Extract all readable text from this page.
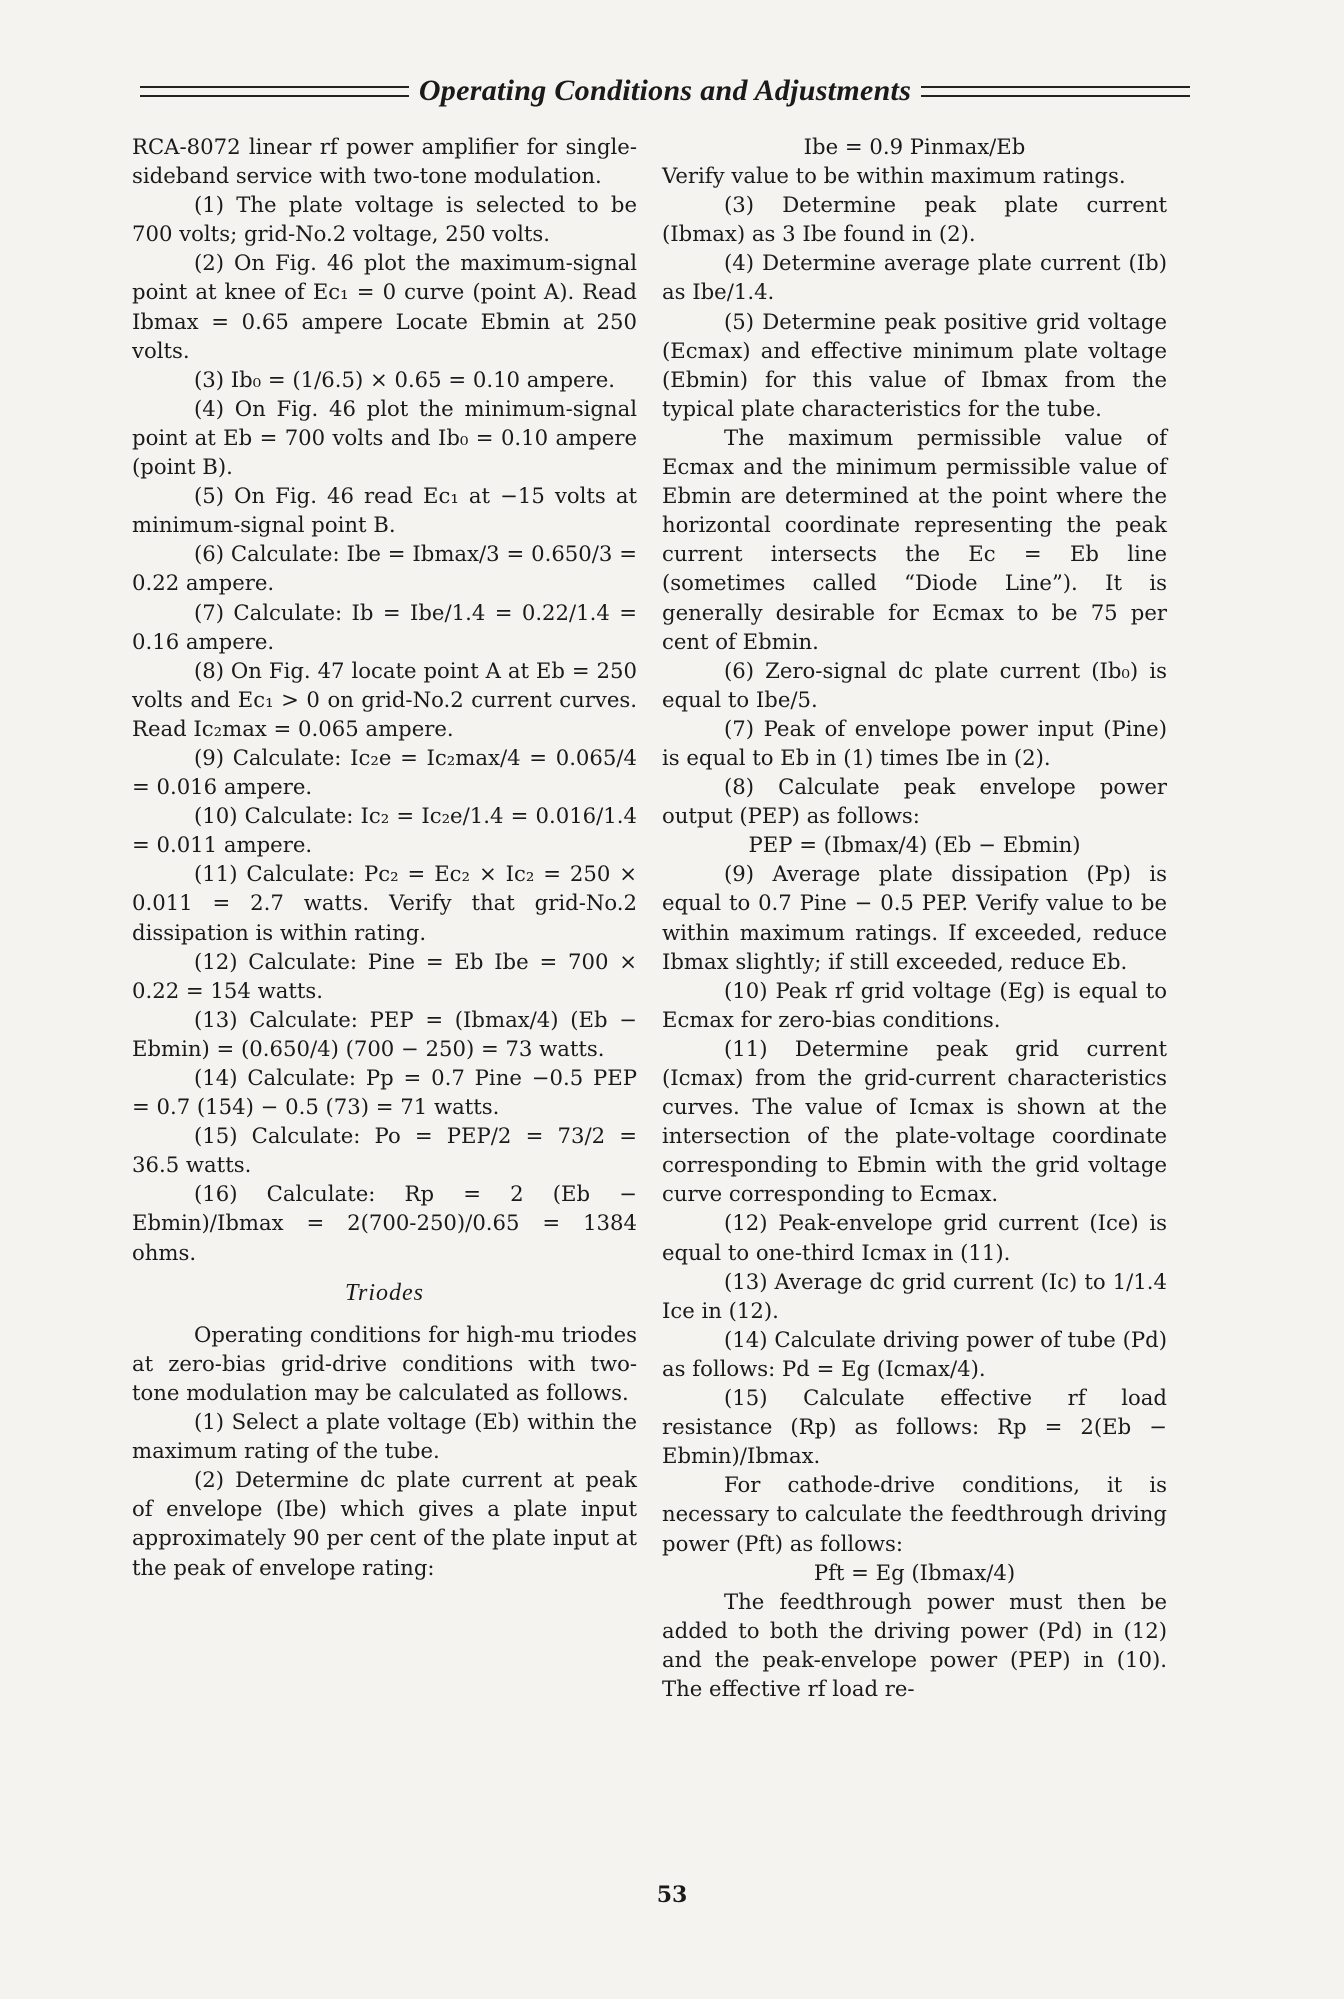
Operating Conditions and Adjustments

RCA-8072 linear rf power amplifier for single-sideband service with two-tone modulation.

(1) The plate voltage is selected to be 700 volts; grid-No.2 voltage, 250 volts.

(2) On Fig. 46 plot the maximum-signal point at knee of Ec₁ = 0 curve (point A). Read Ibmax = 0.65 ampere Locate Ebmin at 250 volts.

(3) Ib₀ = (1/6.5) × 0.65 = 0.10 ampere.

(4) On Fig. 46 plot the minimum-signal point at Eb = 700 volts and Ib₀ = 0.10 ampere (point B).

(5) On Fig. 46 read Ec₁ at −15 volts at minimum-signal point B.

(6) Calculate: Ibe = Ibmax/3 = 0.650/3 = 0.22 ampere.

(7) Calculate: Ib = Ibe/1.4 = 0.22/1.4 = 0.16 ampere.

(8) On Fig. 47 locate point A at Eb = 250 volts and Ec₁ > 0 on grid-No.2 current curves. Read Ic₂max = 0.065 ampere.

(9) Calculate: Ic₂e = Ic₂max/4 = 0.065/4 = 0.016 ampere.

(10) Calculate: Ic₂ = Ic₂e/1.4 = 0.016/1.4 = 0.011 ampere.

(11) Calculate: Pc₂ = Ec₂ × Ic₂ = 250 × 0.011 = 2.7 watts. Verify that grid-No.2 dissipation is within rating.

(12) Calculate: Pine = Eb Ibe = 700 × 0.22 = 154 watts.

(13) Calculate: PEP = (Ibmax/4) (Eb − Ebmin) = (0.650/4) (700 − 250) = 73 watts.

(14) Calculate: Pp = 0.7 Pine −0.5 PEP = 0.7 (154) − 0.5 (73) = 71 watts.

(15) Calculate: Po = PEP/2 = 73/2 = 36.5 watts.

(16) Calculate: Rp = 2 (Eb − Ebmin)/Ibmax = 2(700-250)/0.65 = 1384 ohms.

Triodes

Operating conditions for high-mu triodes at zero-bias grid-drive conditions with two-tone modulation may be calculated as follows.

(1) Select a plate voltage (Eb) within the maximum rating of the tube.

(2) Determine dc plate current at peak of envelope (Ibe) which gives a plate input approximately 90 per cent of the plate input at the peak of envelope rating:

Ibe = 0.9 Pinmax/Eb

Verify value to be within maximum ratings.

(3) Determine peak plate current (Ibmax) as 3 Ibe found in (2).

(4) Determine average plate current (Ib) as Ibe/1.4.

(5) Determine peak positive grid voltage (Ecmax) and effective minimum plate voltage (Ebmin) for this value of Ibmax from the typical plate characteristics for the tube.

The maximum permissible value of Ecmax and the minimum permissible value of Ebmin are determined at the point where the horizontal coordinate representing the peak current intersects the Ec = Eb line (sometimes called “Diode Line”). It is generally desirable for Ecmax to be 75 per cent of Ebmin.

(6) Zero-signal dc plate current (Ib₀) is equal to Ibe/5.

(7) Peak of envelope power input (Pine) is equal to Eb in (1) times Ibe in (2).

(8) Calculate peak envelope power output (PEP) as follows:

PEP = (Ibmax/4) (Eb − Ebmin)

(9) Average plate dissipation (Pp) is equal to 0.7 Pine − 0.5 PEP. Verify value to be within maximum ratings. If exceeded, reduce Ibmax slightly; if still exceeded, reduce Eb.

(10) Peak rf grid voltage (Eg) is equal to Ecmax for zero-bias conditions.

(11) Determine peak grid current (Icmax) from the grid-current characteristics curves. The value of Icmax is shown at the intersection of the plate-voltage coordinate corresponding to Ebmin with the grid voltage curve corresponding to Ecmax.

(12) Peak-envelope grid current (Ice) is equal to one-third Icmax in (11).

(13) Average dc grid current (Ic) to 1/1.4 Ice in (12).

(14) Calculate driving power of tube (Pd) as follows: Pd = Eg (Icmax/4).

(15) Calculate effective rf load resistance (Rp) as follows: Rp = 2(Eb − Ebmin)/Ibmax.

For cathode-drive conditions, it is necessary to calculate the feedthrough driving power (Pft) as follows:

Pft = Eg (Ibmax/4)

The feedthrough power must then be added to both the driving power (Pd) in (12) and the peak-envelope power (PEP) in (10). The effective rf load re-

53
